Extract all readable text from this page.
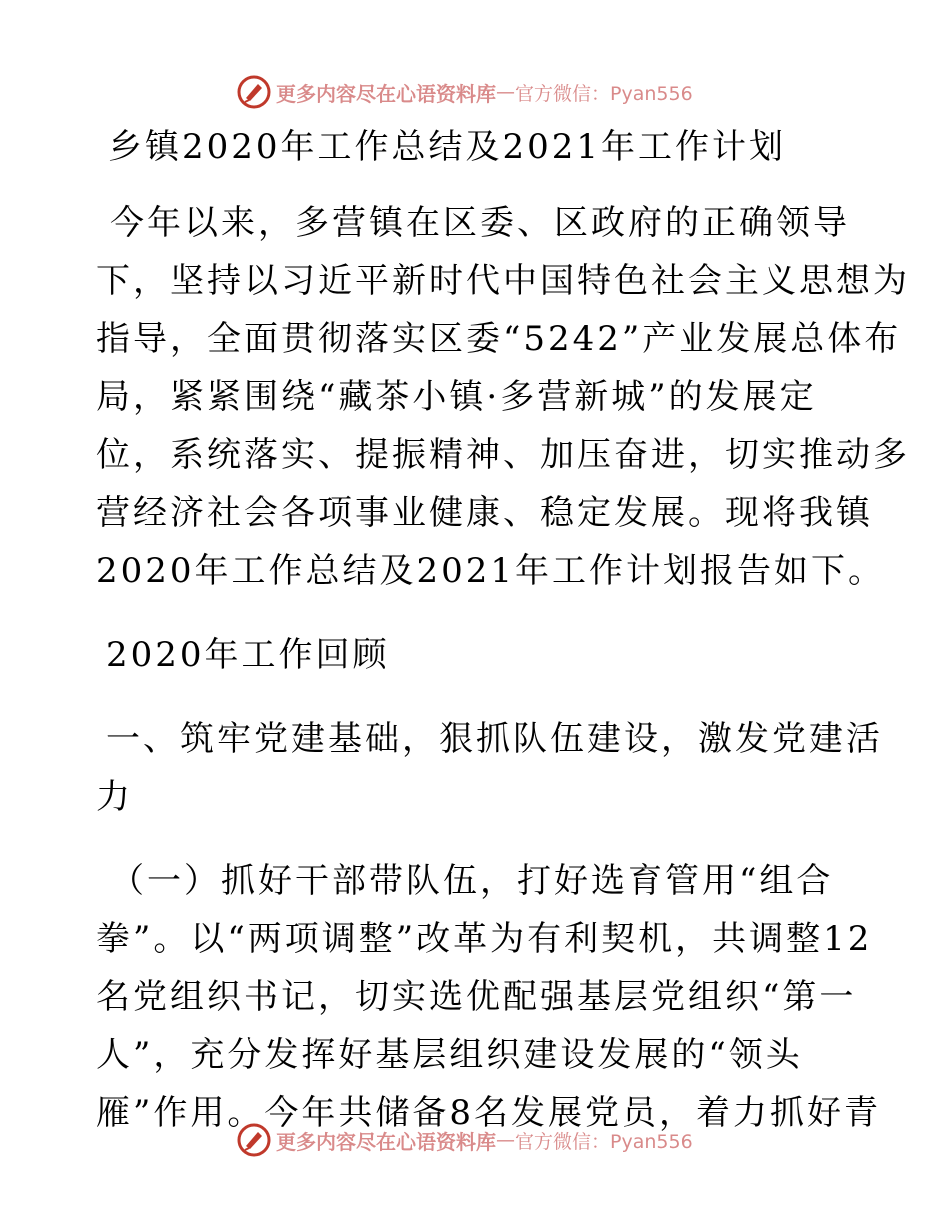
更多内容尽在心语资料库 — 官方微信：Pyan556

乡镇2020年工作总结及2021年工作计划

今年以来，多营镇在区委、区政府的正确领导
下，坚持以习近平新时代中国特色社会主义思想为
指导，全面贯彻落实区委“5242”产业发展总体布
局，紧紧围绕“藏茶小镇·多营新城”的发展定
位，系统落实、提振精神、加压奋进，切实推动多
营经济社会各项事业健康、稳定发展。现将我镇
2020年工作总结及2021年工作计划报告如下。

2020年工作回顾

一、筑牢党建基础，狠抓队伍建设，激发党建活
力

（一）抓好干部带队伍，打好选育管用“组合
拳”。以“两项调整”改革为有利契机，共调整12
名党组织书记，切实选优配强基层党组织“第一
人”，充分发挥好基层组织建设发展的“领头
雁”作用。今年共储备8名发展党员，着力抓好青

更多内容尽在心语资料库 — 官方微信：Pyan556
